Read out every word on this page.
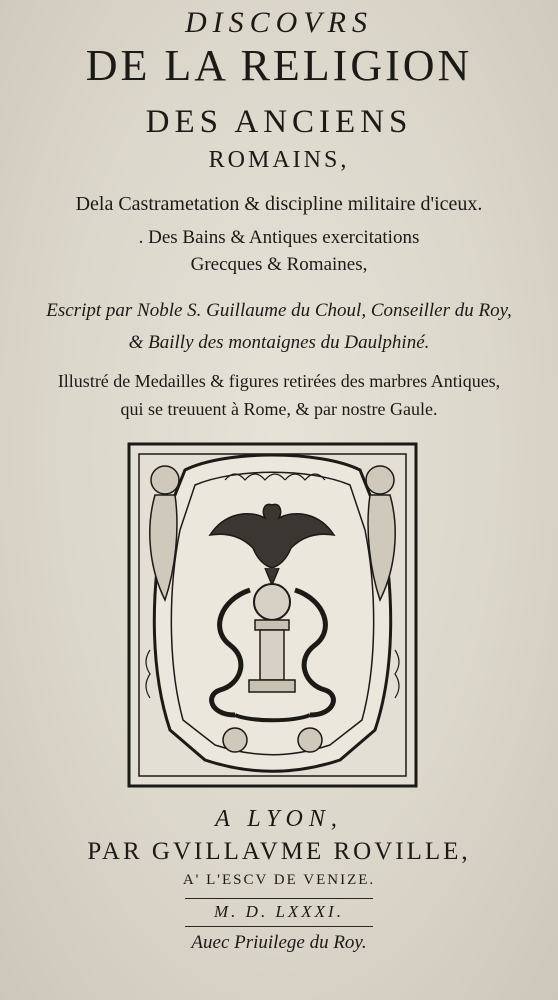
DISCOVRS
DE LA RELIGION
DES ANCIENS
ROMAINS,
Dela Castrametation & discipline militaire d'iceux.
. Des Bains & Antiques exercitations
Grecques & Romaines,
Escript par Noble S. Guillaume du Choul, Conseiller du Roy,
& Bailly des montaignes du Daulphiné.
Illustré de Medailles & figures retirées des marbres Antiques,
qui se treuuent à Rome, & par nostre Gaule.
A LYON,
PAR GVILLAVME ROVILLE,
A' L'ESCV DE VENIZE.
M. D. LXXXI.
Auec Priuilege du Roy.
